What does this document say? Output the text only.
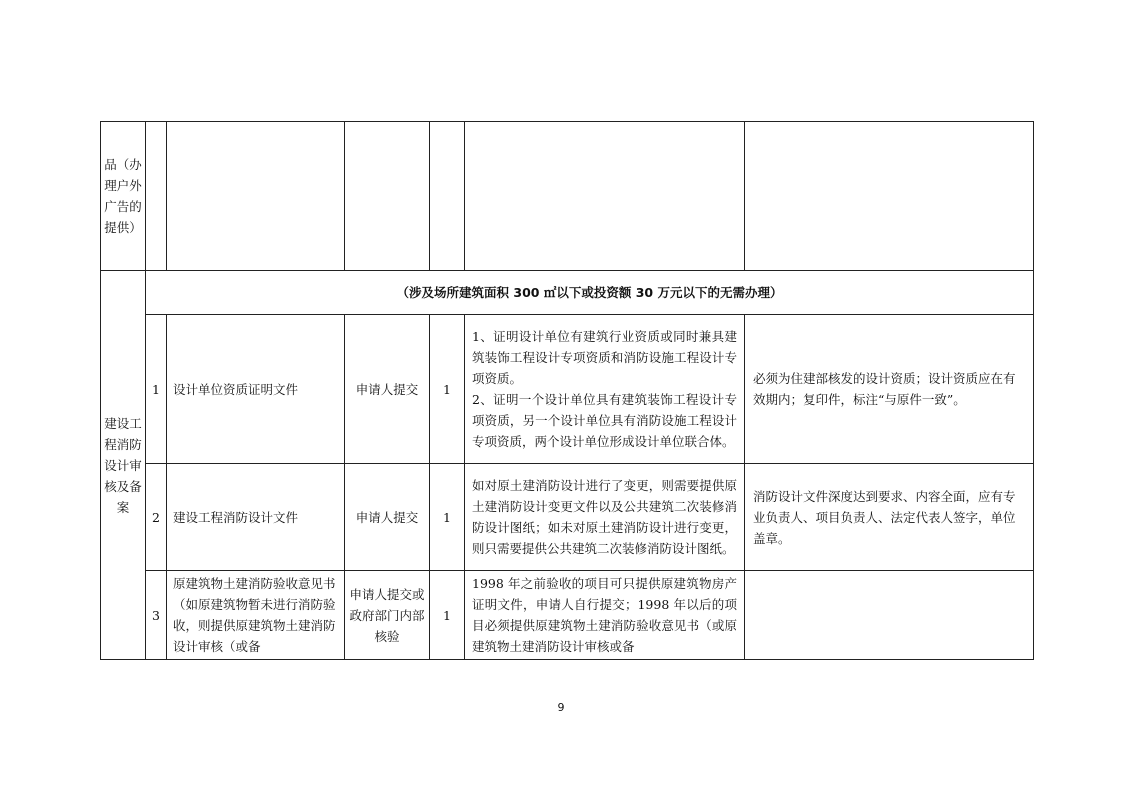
品（办理户外广告的提供）						

建设工程消防设计审核及备案	（涉及场所建筑面积 300 ㎡以下或投资额 30 万元以下的无需办理）					
	1	设计单位资质证明文件	申请人提交	1	1、证明设计单位有建筑行业资质或同时兼具建筑装饰工程设计专项资质和消防设施工程设计专项资质。
2、证明一个设计单位具有建筑装饰工程设计专项资质，另一个设计单位具有消防设施工程设计专项资质，两个设计单位形成设计单位联合体。	必须为住建部核发的设计资质；设计资质应在有效期内；复印件，标注“与原件一致”。
	2	建设工程消防设计文件	申请人提交	1	如对原土建消防设计进行了变更，则需要提供原土建消防设计变更文件以及公共建筑二次装修消防设计图纸；如未对原土建消防设计进行变更，则只需要提供公共建筑二次装修消防设计图纸。	消防设计文件深度达到要求、内容全面，应有专业负责人、项目负责人、法定代表人签字，单位盖章。
	3	原建筑物土建消防验收意见书（如原建筑物暂未进行消防验收，则提供原建筑物土建消防设计审核（或备	申请人提交或政府部门内部核验	1	1998 年之前验收的项目可只提供原建筑物房产证明文件，申请人自行提交；1998 年以后的项目必须提供原建筑物土建消防验收意见书（或原建筑物土建消防设计审核或备	
9
